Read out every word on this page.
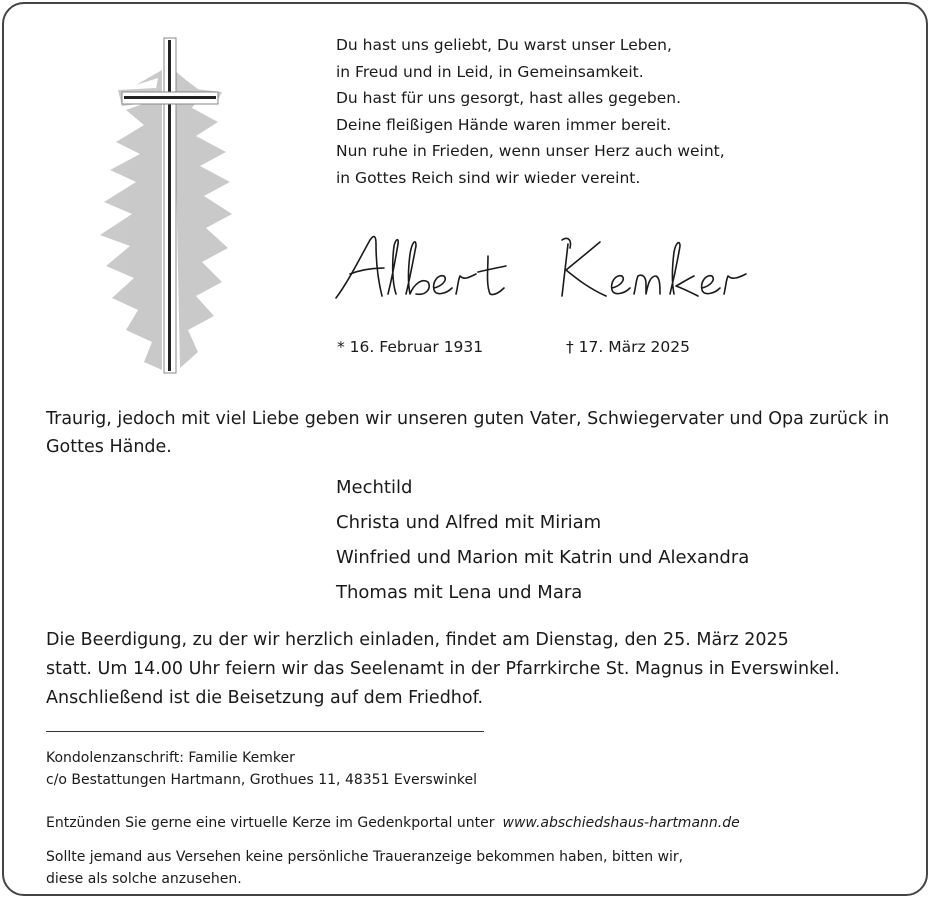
Du hast uns geliebt, Du warst unser Leben,
in Freud und in Leid, in Gemeinsamkeit.
Du hast für uns gesorgt, hast alles gegeben.
Deine fleißigen Hände waren immer bereit.
Nun ruhe in Frieden, wenn unser Herz auch weint,
in Gottes Reich sind wir wieder vereint.
* 16. Februar 1931	† 17. März 2025
Traurig, jedoch mit viel Liebe geben wir unseren guten Vater, Schwiegervater und Opa zurück in Gottes Hände.
Mechtild
Christa und Alfred mit Miriam
Winfried und Marion mit Katrin und Alexandra
Thomas mit Lena und Mara
Die Beerdigung, zu der wir herzlich einladen, findet am Dienstag, den 25. März 2025
statt. Um 14.00 Uhr feiern wir das Seelenamt in der Pfarrkirche St. Magnus in Everswinkel.
Anschließend ist die Beisetzung auf dem Friedhof.
Kondolenzanschrift: Familie Kemker
c/o Bestattungen Hartmann, Grothues 11, 48351 Everswinkel
Entzünden Sie gerne eine virtuelle Kerze im Gedenkportal unter www.abschiedshaus-hartmann.de
Sollte jemand aus Versehen keine persönliche Traueranzeige bekommen haben, bitten wir,
diese als solche anzusehen.
